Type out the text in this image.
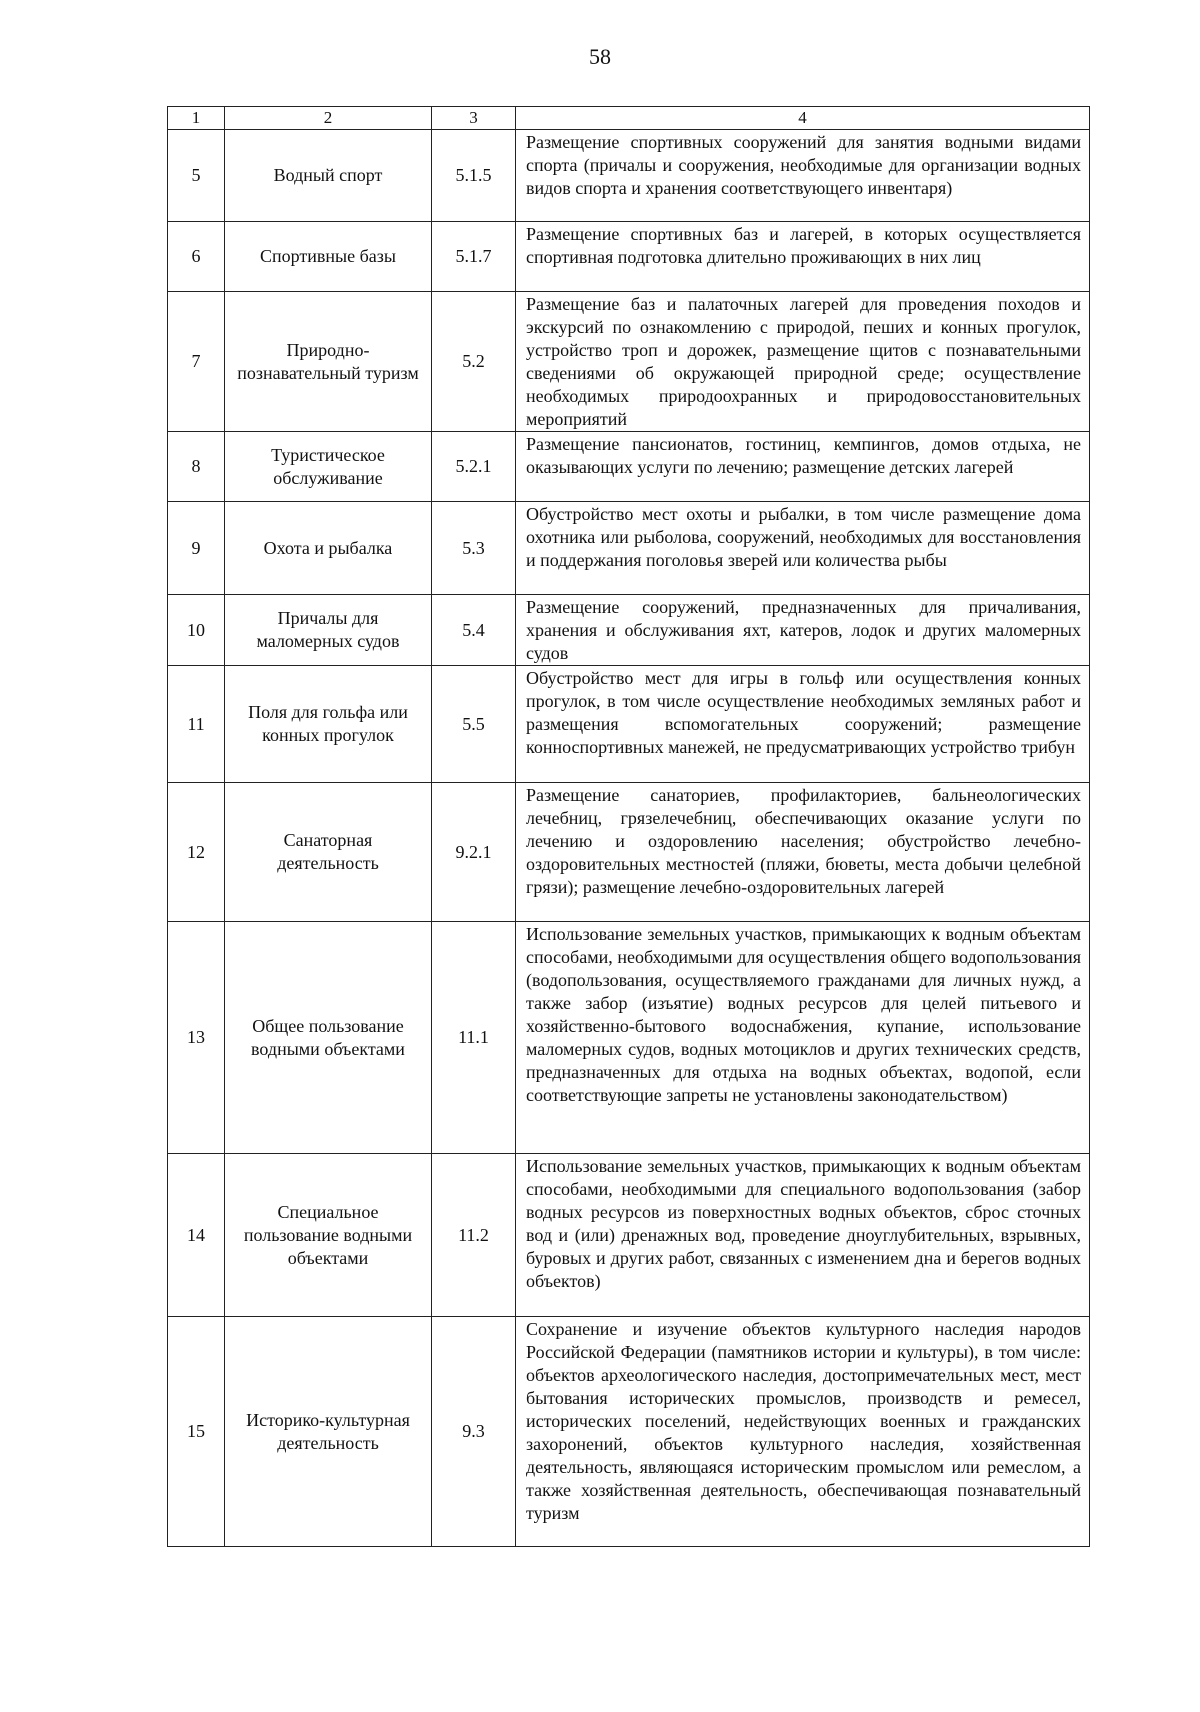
58
1	2	3	4
5	Водный спорт	5.1.5	Размещение спортивных сооружений для занятия водными видами спорта (причалы и сооружения, необходимые для организации водных видов спорта и хранения соответствующего инвентаря)
6	Спортивные базы	5.1.7	Размещение спортивных баз и лагерей, в которых осуществляется спортивная подготовка длительно проживающих в них лиц
7	Природно-познавательный туризм	5.2	Размещение баз и палаточных лагерей для проведения походов и экскурсий по ознакомлению с природой, пеших и конных прогулок, устройство троп и дорожек, размещение щитов с познавательными сведениями об окружающей природной среде; осуществление необходимых природоохранных и природовосстановительных мероприятий
8	Туристическое обслуживание	5.2.1	Размещение пансионатов, гостиниц, кемпингов, домов отдыха, не оказывающих услуги по лечению; размещение детских лагерей
9	Охота и рыбалка	5.3	Обустройство мест охоты и рыбалки, в том числе размещение дома охотника или рыболова, сооружений, необходимых для восстановления и поддержания поголовья зверей или количества рыбы
10	Причалы для маломерных судов	5.4	Размещение сооружений, предназначенных для причаливания, хранения и обслуживания яхт, катеров, лодок и других маломерных судов
11	Поля для гольфа или конных прогулок	5.5	Обустройство мест для игры в гольф или осуществления конных прогулок, в том числе осуществление необходимых земляных работ и размещения вспомогательных сооружений; размещение конноспортивных манежей, не предусматривающих устройство трибун
12	Санаторная деятельность	9.2.1	Размещение санаториев, профилакториев, бальнеологических лечебниц, грязелечебниц, обеспечивающих оказание услуги по лечению и оздоровлению населения; обустройство лечебно-оздоровительных местностей (пляжи, бюветы, места добычи целебной грязи); размещение лечебно-оздоровительных лагерей
13	Общее пользование водными объектами	11.1	Использование земельных участков, примыкающих к водным объектам способами, необходимыми для осуществления общего водопользования (водопользования, осуществляемого гражданами для личных нужд, а также забор (изъятие) водных ресурсов для целей питьевого и хозяйственно-бытового водоснабжения, купание, использование маломерных судов, водных мотоциклов и других технических средств, предназначенных для отдыха на водных объектах, водопой, если соответствующие запреты не установлены законодательством)
14	Специальное пользование водными объектами	11.2	Использование земельных участков, примыкающих к водным объектам способами, необходимыми для специального водопользования (забор водных ресурсов из поверхностных водных объектов, сброс сточных вод и (или) дренажных вод, проведение дноуглубительных, взрывных, буровых и других работ, связанных с изменением дна и берегов водных объектов)
15	Историко-культурная деятельность	9.3	Сохранение и изучение объектов культурного наследия народов Российской Федерации (памятников истории и культуры), в том числе: объектов археологического наследия, достопримечательных мест, мест бытования исторических промыслов, производств и ремесел, исторических поселений, недействующих военных и гражданских захоронений, объектов культурного наследия, хозяйственная деятельность, являющаяся историческим промыслом или ремеслом, а также хозяйственная деятельность, обеспечивающая познавательный туризм
